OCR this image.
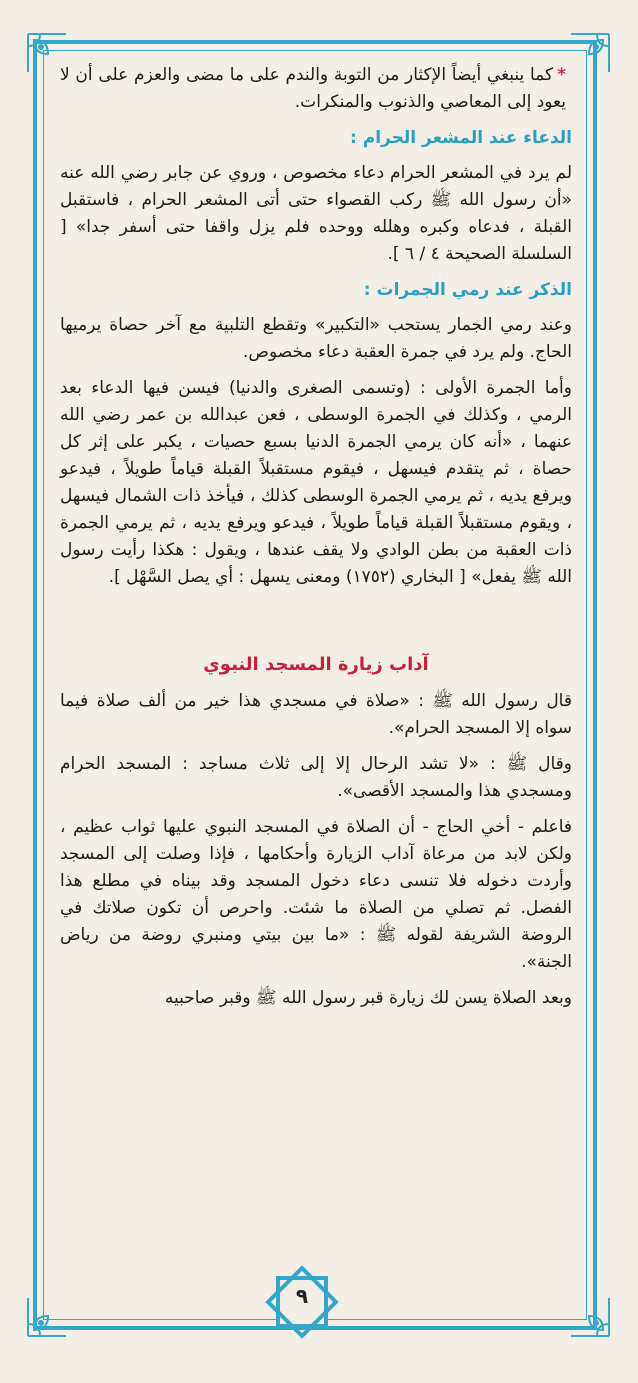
*كما ينبغي أيضاً الإكثار من التوبة والندم على ما مضى والعزم على أن لا يعود إلى المعاصي والذنوب والمنكرات.

الدعاء عند المشعر الحرام :

لم يرد في المشعر الحرام دعاء مخصوص ، وروي عن جابر رضي الله عنه «أن رسول الله ﷺ ركب القصواء حتى أتى المشعر الحرام ، فاستقبل القبلة ، فدعاه وكبره وهلله ووحده فلم يزل واقفا حتى أسفر جدا» [ السلسلة الصحيحة ٤ / ٦ ].

الذكر عند رمي الجمرات :

وعند رمي الجمار يستحب «التكبير» وتقطع التلبية مع آخر حصاة يرميها الحاج. ولم يرد في جمرة العقبة دعاء مخصوص.

وأما الجمرة الأولى : (وتسمى الصغرى والدنيا) فيسن فيها الدعاء بعد الرمي ، وكذلك في الجمرة الوسطى ، فعن عبدالله بن عمر رضي الله عنهما ، «أنه كان يرمي الجمرة الدنيا بسبع حصيات ، يكبر على إثر كل حصاة ، ثم يتقدم فيسهل ، فيقوم مستقبلاً القبلة قياماً طويلاً ، فيدعو ويرفع يديه ، ثم يرمي الجمرة الوسطى كذلك ، فيأخذ ذات الشمال فيسهل ، ويقوم مستقبلاً القبلة قياماً طويلاً ، فيدعو ويرفع يديه ، ثم يرمي الجمرة ذات العقبة من بطن الوادي ولا يقف عندها ، ويقول : هكذا رأيت رسول الله ﷺ يفعل» [ البخاري (١٧٥٢) ومعنى يسهل : أي يصل السَّهْل ].

آداب زيارة المسجد النبوي

قال رسول الله ﷺ : «صلاة في مسجدي هذا خير من ألف صلاة فيما سواه إلا المسجد الحرام».

وقال ﷺ : «لا تشد الرحال إلا إلى ثلاث مساجد : المسجد الحرام ومسجدي هذا والمسجد الأقصى».

فاعلم - أخي الحاج - أن الصلاة في المسجد النبوي عليها ثواب عظيم ، ولكن لابد من مرعاة آداب الزيارة وأحكامها ، فإذا وصلت إلى المسجد وأردت دخوله فلا تنسى دعاء دخول المسجد وقد بيناه في مطلع هذا الفصل. ثم تصلي من الصلاة ما شئت. واحرص أن تكون صلاتك في الروضة الشريفة لقوله ﷺ : «ما بين بيتي ومنبري روضة من رياض الجنة».

وبعد الصلاة يسن لك زيارة قبر رسول الله ﷺ وقبر صاحبيه

٩
